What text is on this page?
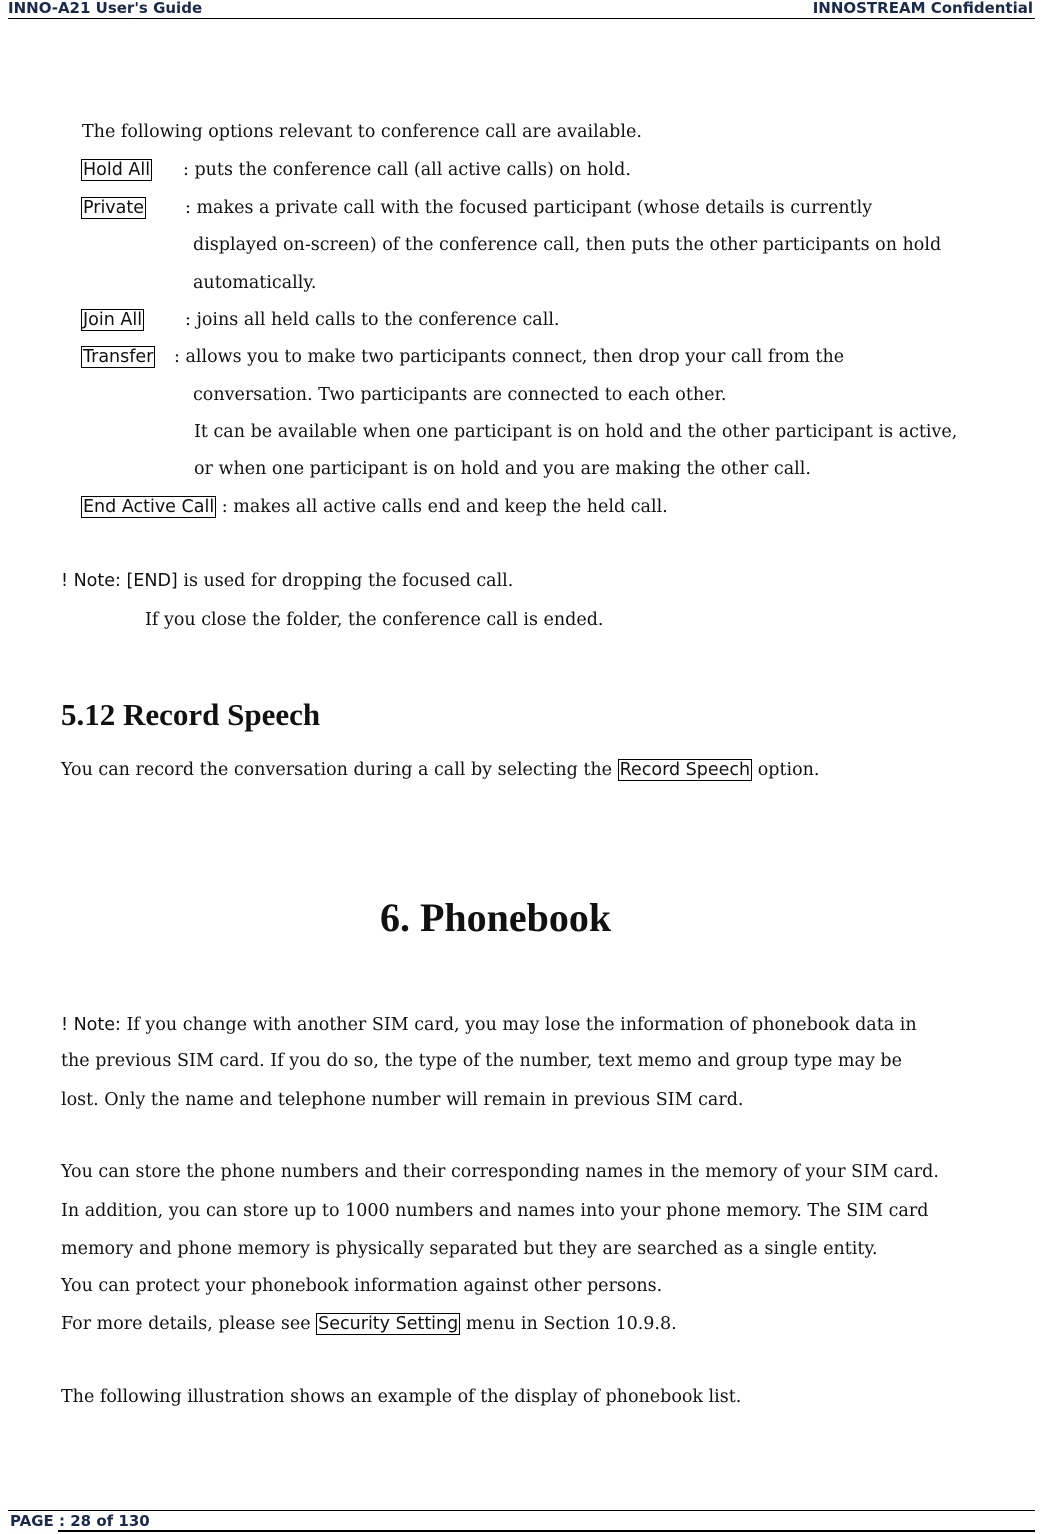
INNO-A21 User's Guide	INNOSTREAM Confidential
The following options relevant to conference call are available.
Hold All : puts the conference call (all active calls) on hold.
Private : makes a private call with the focused participant (whose details is currently
displayed on-screen) of the conference call, then puts the other participants on hold
automatically.
Join All : joins all held calls to the conference call.
Transfer : allows you to make two participants connect, then drop your call from the
conversation. Two participants are connected to each other.
It can be available when one participant is on hold and the other participant is active,
or when one participant is on hold and you are making the other call.
End Active Call : makes all active calls end and keep the held call.
! Note: [END] is used for dropping the focused call.
If you close the folder, the conference call is ended.
5.12 Record Speech
You can record the conversation during a call by selecting the Record Speech option.
6. Phonebook
! Note: If you change with another SIM card, you may lose the information of phonebook data in
the previous SIM card. If you do so, the type of the number, text memo and group type may be
lost. Only the name and telephone number will remain in previous SIM card.
You can store the phone numbers and their corresponding names in the memory of your SIM card.
In addition, you can store up to 1000 numbers and names into your phone memory. The SIM card
memory and phone memory is physically separated but they are searched as a single entity.
You can protect your phonebook information against other persons.
For more details, please see Security Setting menu in Section 10.9.8.
The following illustration shows an example of the display of phonebook list.
PAGE : 28 of 130
